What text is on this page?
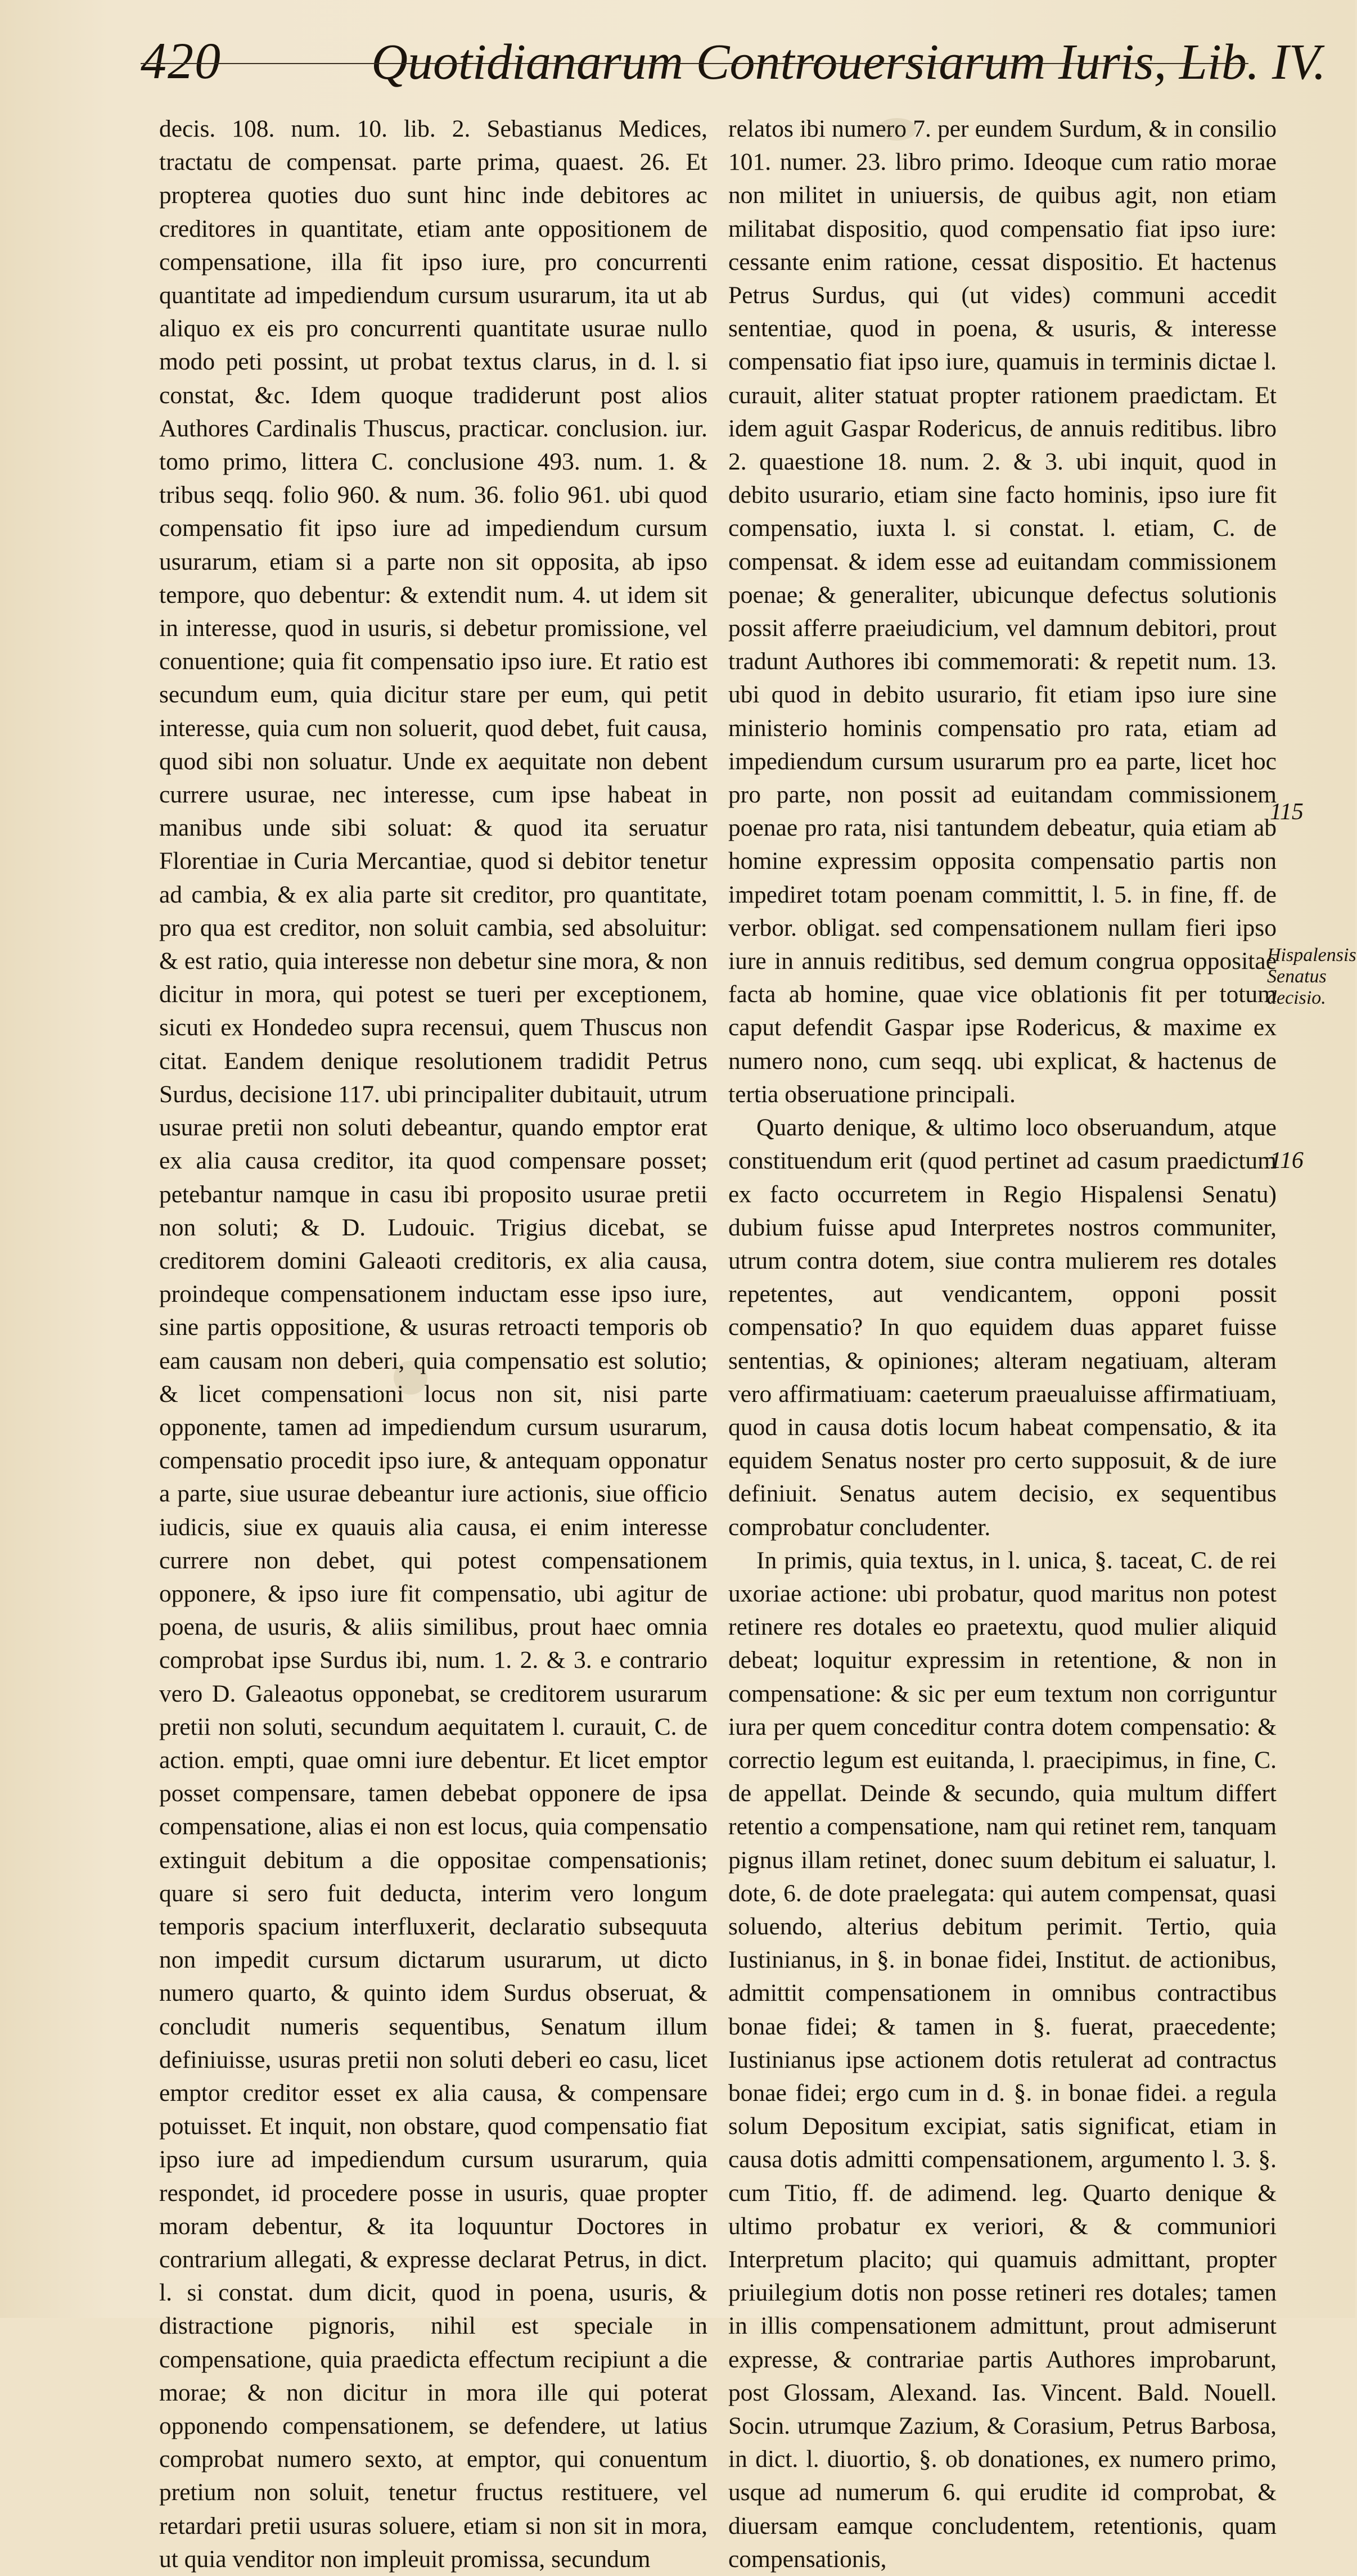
420	Quotidianarum Controuersiarum Iuris, Lib. IV.
decis. 108. num. 10. lib. 2. Sebastianus Medices, tractatu de compensat. parte prima, quaest. 26. Et propterea quoties duo sunt hinc inde debitores ac creditores in quantitate, etiam ante oppositionem de compensatione, illa fit ipso iure, pro concurrenti quantitate ad impediendum cursum usurarum, ita ut ab aliquo ex eis pro concurrenti quantitate usurae nullo modo peti possint, ut probat textus clarus, in d. l. si constat, &c. Idem quoque tradiderunt post alios Authores Cardinalis Thuscus, practicar. conclusion. iur. tomo primo, littera C. conclusione 493. num. 1. & tribus seqq. folio 960. & num. 36. folio 961. ubi quod compensatio fit ipso iure ad impediendum cursum usurarum, etiam si a parte non sit opposita, ab ipso tempore, quo debentur: & extendit num. 4. ut idem sit in interesse, quod in usuris, si debetur promissione, vel conuentione; quia fit compensatio ipso iure. Et ratio est secundum eum, quia dicitur stare per eum, qui petit interesse, quia cum non soluerit, quod debet, fuit causa, quod sibi non soluatur. Unde ex aequitate non debent currere usurae, nec interesse, cum ipse habeat in manibus unde sibi soluat: & quod ita seruatur Florentiae in Curia Mercantiae, quod si debitor tenetur ad cambia, & ex alia parte sit creditor, pro quantitate, pro qua est creditor, non soluit cambia, sed absoluitur: & est ratio, quia interesse non debetur sine mora, & non dicitur in mora, qui potest se tueri per exceptionem, sicuti ex Hondedeo supra recensui, quem Thuscus non citat. Eandem denique resolutionem tradidit Petrus Surdus, decisione 117. ubi principaliter dubitauit, utrum usurae pretii non soluti debeantur, quando emptor erat ex alia causa creditor, ita quod compensare posset; petebantur namque in casu ibi proposito usurae pretii non soluti; & D. Ludouic. Trigius dicebat, se creditorem domini Galeaoti creditoris, ex alia causa, proindeque compensationem inductam esse ipso iure, sine partis oppositione, & usuras retroacti temporis ob eam causam non deberi, quia compensatio est solutio; & licet compensationi locus non sit, nisi parte opponente, tamen ad impediendum cursum usurarum, compensatio procedit ipso iure, & antequam opponatur a parte, siue usurae debeantur iure actionis, siue officio iudicis, siue ex quauis alia causa, ei enim interesse currere non debet, qui potest compensationem opponere, & ipso iure fit compensatio, ubi agitur de poena, de usuris, & aliis similibus, prout haec omnia comprobat ipse Surdus ibi, num. 1. 2. & 3. e contrario vero D. Galeaotus opponebat, se creditorem usurarum pretii non soluti, secundum aequitatem l. curauit, C. de action. empti, quae omni iure debentur. Et licet emptor posset compensare, tamen debebat opponere de ipsa compensatione, alias ei non est locus, quia compensatio extinguit debitum a die oppositae compensationis; quare si sero fuit deducta, interim vero longum temporis spacium interfluxerit, declaratio subsequuta non impedit cursum dictarum usurarum, ut dicto numero quarto, & quinto idem Surdus obseruat, & concludit numeris sequentibus, Senatum illum definiuisse, usuras pretii non soluti deberi eo casu, licet emptor creditor esset ex alia causa, & compensare potuisset. Et inquit, non obstare, quod compensatio fiat ipso iure ad impediendum cursum usurarum, quia respondet, id procedere posse in usuris, quae propter moram debentur, & ita loquuntur Doctores in contrarium allegati, & expresse declarat Petrus, in dict. l. si constat. dum dicit, quod in poena, usuris, & distractione pignoris, nihil est speciale in compensatione, quia praedicta effectum recipiunt a die morae; & non dicitur in mora ille qui poterat opponendo compensationem, se defendere, ut latius comprobat numero sexto, at emptor, qui conuentum pretium non soluit, tenetur fructus restituere, vel retardari pretii usuras soluere, etiam si non sit in mora, ut quia venditor non impleuit promissa, secundum
relatos ibi numero 7. per eundem Surdum, & in consilio 101. numer. 23. libro primo. Ideoque cum ratio morae non militet in uniuersis, de quibus agit, non etiam militabat dispositio, quod compensatio fiat ipso iure: cessante enim ratione, cessat dispositio. Et hactenus Petrus Surdus, qui (ut vides) communi accedit sententiae, quod in poena, & usuris, & interesse compensatio fiat ipso iure, quamuis in terminis dictae l. curauit, aliter statuat propter rationem praedictam. Et idem aguit Gaspar Rodericus, de annuis reditibus. libro 2. quaestione 18. num. 2. & 3. ubi inquit, quod in debito usurario, etiam sine facto hominis, ipso iure fit compensatio, iuxta l. si constat. l. etiam, C. de compensat. & idem esse ad euitandam commissionem poenae; & generaliter, ubicunque defectus solutionis possit afferre praeiudicium, vel damnum debitori, prout tradunt Authores ibi commemorati: & repetit num. 13. ubi quod in debito usurario, fit etiam ipso iure sine ministerio hominis compensatio pro rata, etiam ad impediendum cursum usurarum pro ea parte, licet hoc pro parte, non possit ad euitandam commissionem poenae pro rata, nisi tantundem debeatur, quia etiam ab homine expressim opposita compensatio partis non impediret totam poenam committit, l. 5. in fine, ff. de verbor. obligat. sed compensationem nullam fieri ipso iure in annuis reditibus, sed demum congrua oppositae facta ab homine, quae vice oblationis fit per totum caput defendit Gaspar ipse Rodericus, & maxime ex numero nono, cum seqq. ubi explicat, & hactenus de tertia obseruatione principali.
Quarto denique, & ultimo loco obseruandum, atque constituendum erit (quod pertinet ad casum praedictum ex facto occurretem in Regio Hispalensi Senatu) dubium fuisse apud Interpretes nostros communiter, utrum contra dotem, siue contra mulierem res dotales repetentes, aut vendicantem, opponi possit compensatio? In quo equidem duas apparet fuisse sententias, & opiniones; alteram negatiuam, alteram vero affirmatiuam: caeterum praeualuisse affirmatiuam, quod in causa dotis locum habeat compensatio, & ita equidem Senatus noster pro certo supposuit, & de iure definiuit. Senatus autem decisio, ex sequentibus comprobatur concludenter.
In primis, quia textus, in l. unica, §. taceat, C. de rei uxoriae actione: ubi probatur, quod maritus non potest retinere res dotales eo praetextu, quod mulier aliquid debeat; loquitur expressim in retentione, & non in compensatione: & sic per eum textum non corriguntur iura per quem conceditur contra dotem compensatio: & correctio legum est euitanda, l. praecipimus, in fine, C. de appellat. Deinde & secundo, quia multum differt retentio a compensatione, nam qui retinet rem, tanquam pignus illam retinet, donec suum debitum ei saluatur, l. dote, 6. de dote praelegata: qui autem compensat, quasi soluendo, alterius debitum perimit. Tertio, quia Iustinianus, in §. in bonae fidei, Institut. de actionibus, admittit compensationem in omnibus contractibus bonae fidei; & tamen in §. fuerat, praecedente; Iustinianus ipse actionem dotis retulerat ad contractus bonae fidei; ergo cum in d. §. in bonae fidei. a regula solum Depositum excipiat, satis significat, etiam in causa dotis admitti compensationem, argumento l. 3. §. cum Titio, ff. de adimend. leg. Quarto denique & ultimo probatur ex veriori, & & communiori Interpretum placito; qui quamuis admittant, propter priuilegium dotis non posse retineri res dotales; tamen in illis compensationem admittunt, prout admiserunt expresse, & contrariae partis Authores improbarunt, post Glossam, Alexand. Ias. Vincent. Bald. Nouell. Socin. utrumque Zazium, & Corasium, Petrus Barbosa, in dict. l. diuortio, §. ob donationes, ex numero primo, usque ad numerum 6. qui erudite id comprobat, & diuersam eamque concludentem, retentionis, quam compensationis,
115
Hispalensis Senatus decisio.
116
